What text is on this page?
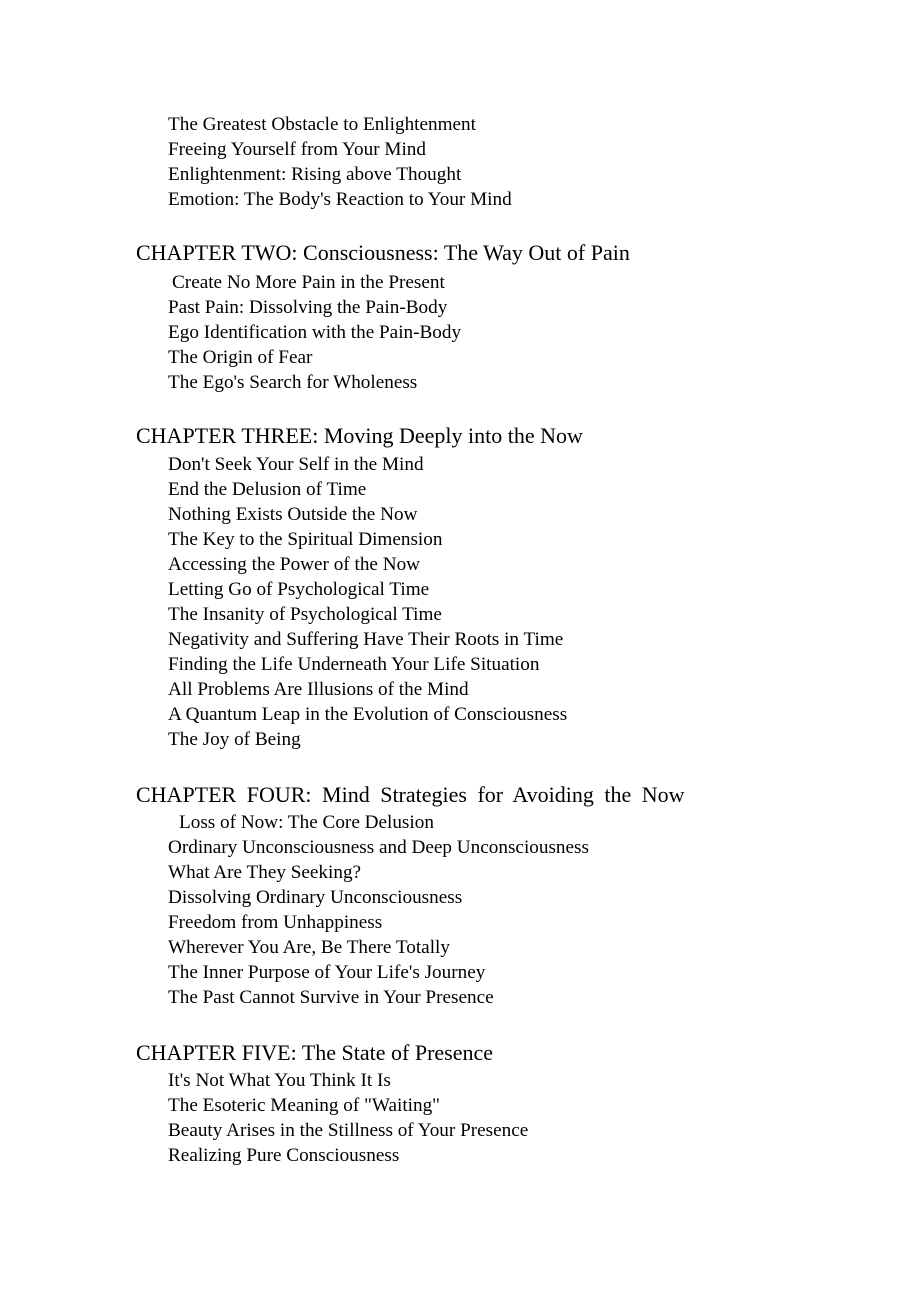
The Greatest Obstacle to Enlightenment
Freeing Yourself from Your Mind
Enlightenment: Rising above Thought
Emotion: The Body's Reaction to Your Mind
CHAPTER TWO: Consciousness: The Way Out of Pain
Create No More Pain in the Present
Past Pain: Dissolving the Pain-Body
Ego Identification with the Pain-Body
The Origin of Fear
The Ego's Search for Wholeness
CHAPTER THREE: Moving Deeply into the Now
Don't Seek Your Self in the Mind
End the Delusion of Time
Nothing Exists Outside the Now
The Key to the Spiritual Dimension
Accessing the Power of the Now
Letting Go of Psychological Time
The Insanity of Psychological Time
Negativity and Suffering Have Their Roots in Time
Finding the Life Underneath Your Life Situation
All Problems Are Illusions of the Mind
A Quantum Leap in the Evolution of Consciousness
The Joy of Being
CHAPTER FOUR: Mind Strategies for Avoiding the Now
Loss of Now: The Core Delusion
Ordinary Unconsciousness and Deep Unconsciousness
What Are They Seeking?
Dissolving Ordinary Unconsciousness
Freedom from Unhappiness
Wherever You Are, Be There Totally
The Inner Purpose of Your Life's Journey
The Past Cannot Survive in Your Presence
CHAPTER FIVE: The State of Presence
It's Not What You Think It Is
The Esoteric Meaning of "Waiting"
Beauty Arises in the Stillness of Your Presence
Realizing Pure Consciousness
